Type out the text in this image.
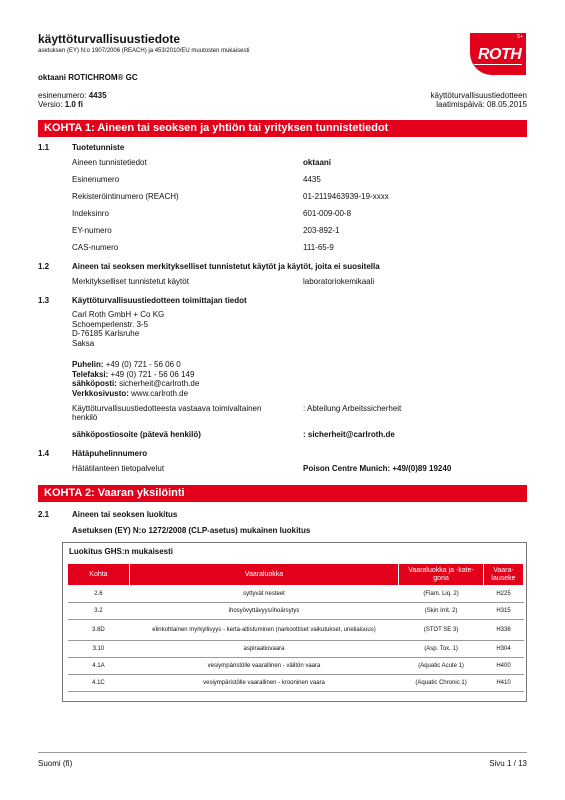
käyttöturvallisuustiedote
asetuksen (EY) N:o 1907/2006 (REACH) ja 453/2010/EU muutosten mukaisesti
S+
ROTH
oktaani ROTICHROM® GC
esinenumero: 4435
Versio: 1.0 fi
käyttöturvallisuustiedotteen
laatimispäivä: 08.05.2015
KOHTA 1: Aineen tai seoksen ja yhtiön tai yrityksen tunnistetiedot
1.1	Tuotetunniste
Aineen tunnistetiedot	oktaani
Esinenumero	4435
Rekisteröintinumero (REACH)	01-2119463939-19-xxxx
Indeksinro	601-009-00-8
EY-numero	203-892-1
CAS-numero	111-65-9
1.2	Aineen tai seoksen merkitykselliset tunnistetut käytöt ja käytöt, joita ei suositella
Merkitykselliset tunnistetut käytöt	laboratoriokemikaali
1.3	Käyttöturvallisuustiedotteen toimittajan tiedot
Carl Roth GmbH + Co KG
Schoemperlenstr. 3-5
D-76185 Karlsruhe
Saksa
Puhelin: +49 (0) 721 - 56 06 0
Telefaksi: +49 (0) 721 - 56 06 149
sähköposti: sicherheit@carlroth.de
Verkkosivusto: www.carlroth.de
Käyttöturvallisuustiedotteesta vastaava toimivaltainen henkilö
: Abteilung Arbeitssicherheit
sähköpostiosoite (pätevä henkilö)	: sicherheit@carlroth.de
1.4	Hätäpuhelinnumero
Hätätilanteen tietopalvelut	Poison Centre Munich: +49/(0)89 19240
KOHTA 2: Vaaran yksilöinti
2.1	Aineen tai seoksen luokitus
Asetuksen (EY) N:o 1272/2008 (CLP-asetus) mukainen luokitus
Luokitus GHS:n mukaisesti
Kohta	Vaaraluokka	Vaaraluokka ja -kate-goria	Vaara-lauseke
2.6	syttyvät nesteet	(Flam. Liq. 2)	H225
3.2	ihosyövyttävyys/ihoärsytys	(Skin Irrit. 2)	H315
3.8D	elinkohtainen myrkyllisyys - kerta-altistuminen (narkoottiset vaikutukset, uneliaisuus)	(STOT SE 3)	H336
3.10	aspiraatiovaara	(Asp. Tox. 1)	H304
4.1A	vesiympäristölle vaarallinen - välitön vaara	(Aquatic Acute 1)	H400
4.1C	vesiympäristölle vaarallinen - krooninen vaara	(Aquatic Chronic 1)	H410
Suomi (fi)	Sivu 1 / 13
